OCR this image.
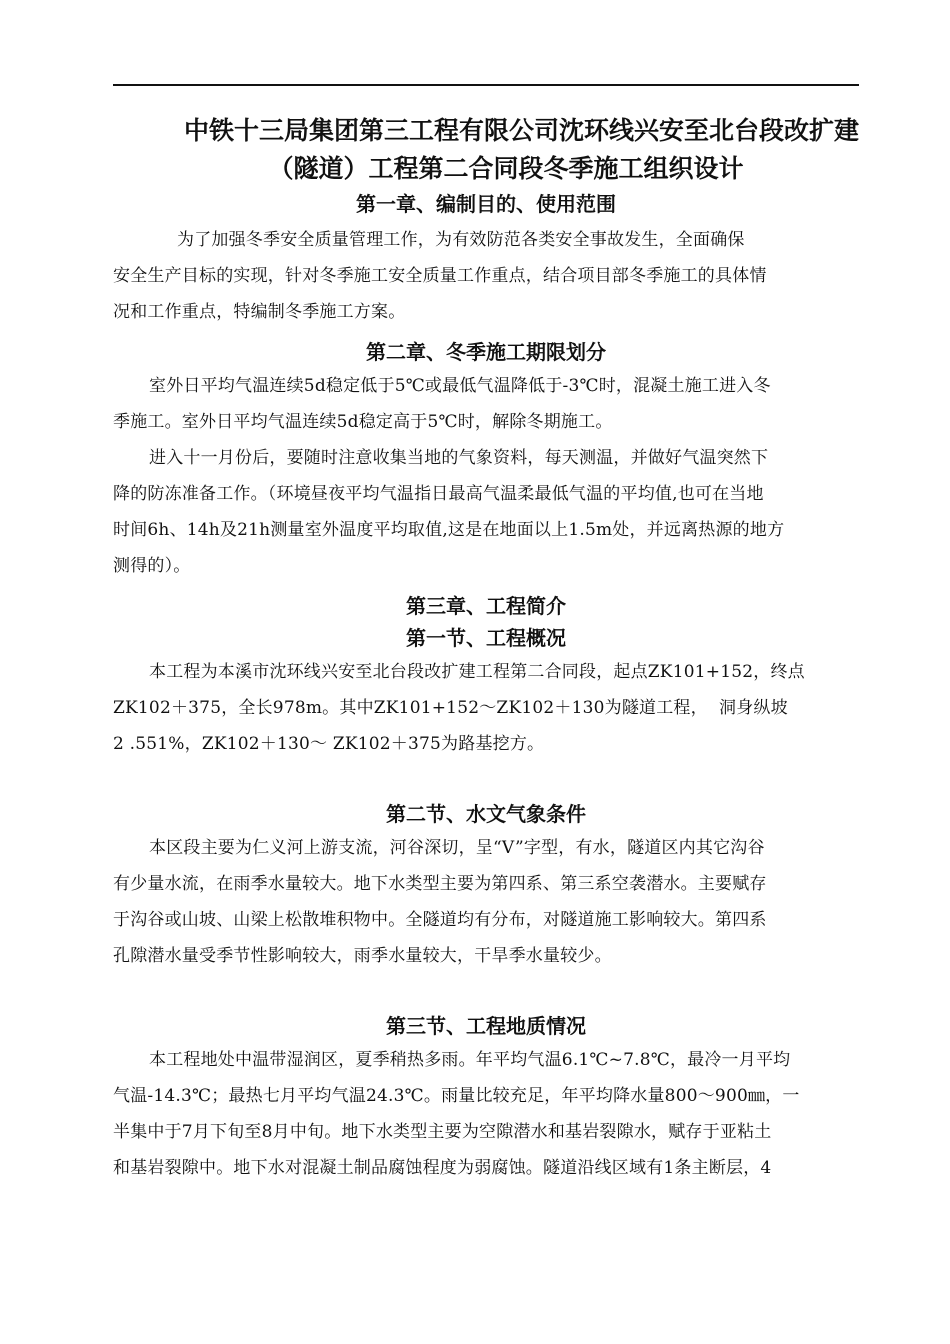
中铁十三局集团第三工程有限公司沈环线兴安至北台段改扩建
（隧道）工程第二合同段冬季施工组织设计
第一章、编制目的、使用范围

为了加强冬季安全质量管理工作，为有效防范各类安全事故发生，全面确保
安全生产目标的实现，针对冬季施工安全质量工作重点，结合项目部冬季施工的具体情
况和工作重点，特编制冬季施工方案。

第二章、冬季施工期限划分

室外日平均气温连续5d稳定低于5℃或最低气温降低于-3℃时，混凝土施工进入冬
季施工。室外日平均气温连续5d稳定高于5℃时，解除冬期施工。

进入十一月份后，要随时注意收集当地的气象资料，每天测温，并做好气温突然下
降的防冻准备工作。（环境昼夜平均气温指日最高气温柔最低气温的平均值,也可在当地
时间6h、14h及21h测量室外温度平均取值,这是在地面以上1.5m处，并远离热源的地方
测得的）。

第三章、工程简介
第一节、工程概况

本工程为本溪市沈环线兴安至北台段改扩建工程第二合同段，起点ZK101+152，终点
ZK102＋375，全长978m。其中ZK101+152～ZK102＋130为隧道工程，  洞身纵坡
2 .551%，ZK102＋130～ ZK102＋375为路基挖方。

第二节、水文气象条件

本区段主要为仁义河上游支流，河谷深切，呈“V”字型，有水，隧道区内其它沟谷
有少量水流，在雨季水量较大。地下水类型主要为第四系、第三系空袭潜水。主要赋存
于沟谷或山坡、山梁上松散堆积物中。全隧道均有分布，对隧道施工影响较大。第四系
孔隙潜水量受季节性影响较大，雨季水量较大，干旱季水量较少。

第三节、工程地质情况

本工程地处中温带湿润区，夏季稍热多雨。年平均气温6.1℃~7.8℃，最冷一月平均
气温-14.3℃；最热七月平均气温24.3℃。雨量比较充足，年平均降水量800～900㎜，一
半集中于7月下旬至8月中旬。地下水类型主要为空隙潜水和基岩裂隙水，赋存于亚粘土
和基岩裂隙中。地下水对混凝土制品腐蚀程度为弱腐蚀。隧道沿线区域有1条主断层，4
